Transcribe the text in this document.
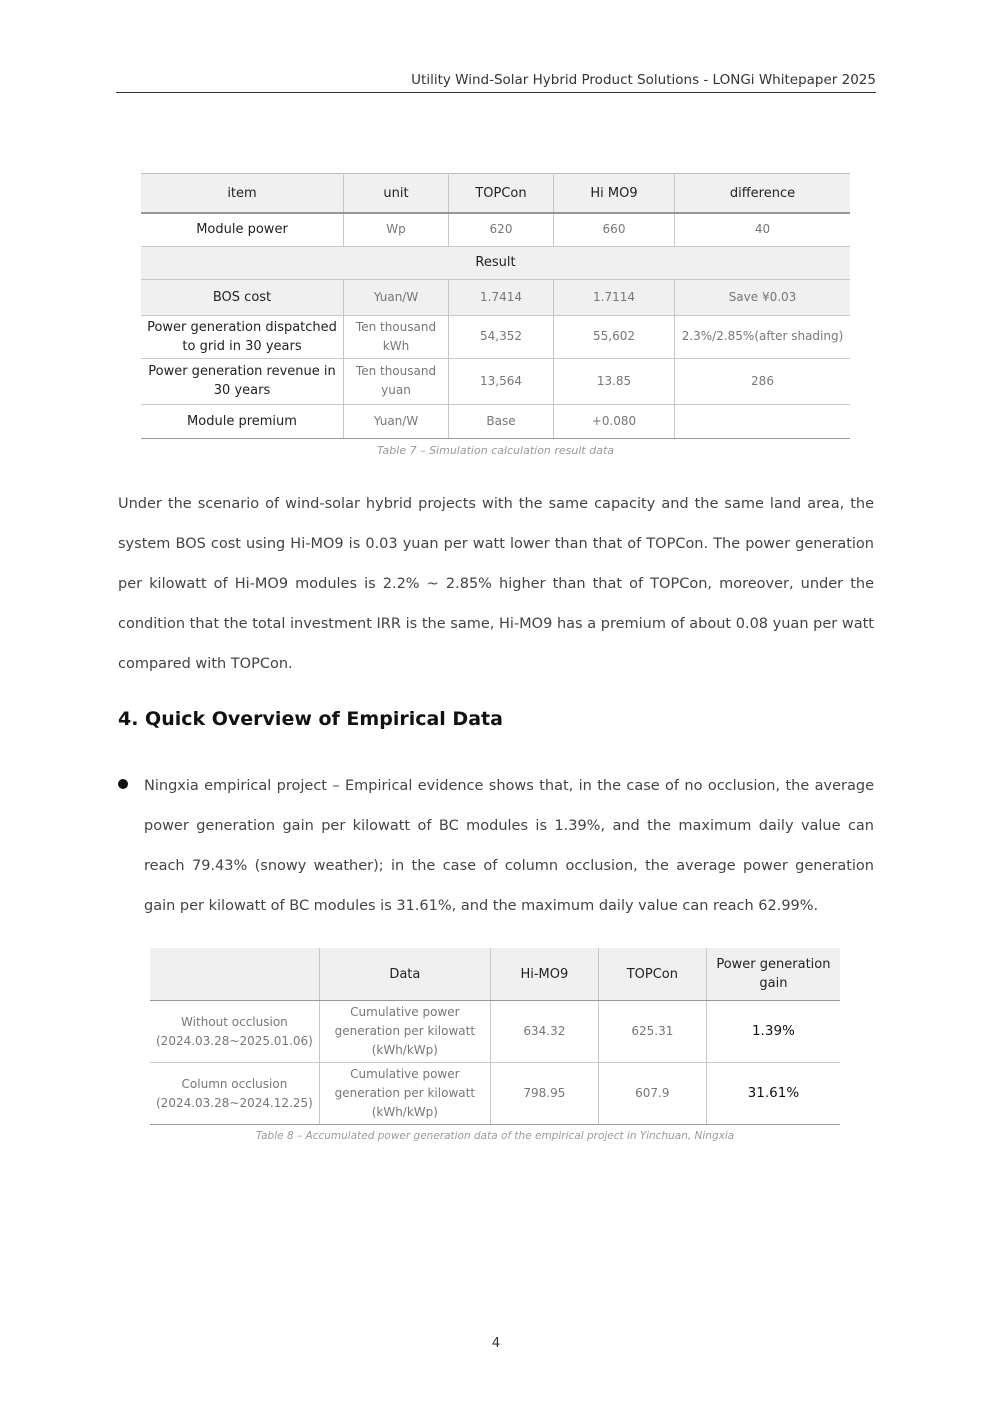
Utility Wind-Solar Hybrid Product Solutions - LONGi Whitepaper 2025
item	unit	TOPCon	Hi MO9	difference
Module power	Wp	620	660	40
Result				
BOS cost	Yuan/W	1.7414	1.7114	Save ¥0.03
Power generation dispatched to grid in 30 years	Ten thousand kWh	54,352	55,602	2.3%/2.85%(after shading)
Power generation revenue in 30 years	Ten thousand yuan	13,564	13.85	286
Module premium	Yuan/W	Base	+0.080	
Table 7 – Simulation calculation result data
Under the scenario of wind-solar hybrid projects with the same capacity and the same land area, the system BOS cost using Hi-MO9 is 0.03 yuan per watt lower than that of TOPCon. The power generation per kilowatt of Hi-MO9 modules is 2.2% ~ 2.85% higher than that of TOPCon, moreover, under the condition that the total investment IRR is the same, Hi-MO9 has a premium of about 0.08 yuan per watt compared with TOPCon.
4. Quick Overview of Empirical Data
Ningxia empirical project – Empirical evidence shows that, in the case of no occlusion, the average power generation gain per kilowatt of BC modules is 1.39%, and the maximum daily value can reach 79.43% (snowy weather); in the case of column occlusion, the average power generation gain per kilowatt of BC modules is 31.61%, and the maximum daily value can reach 62.99%.
	Data	Hi-MO9	TOPCon	Power generation gain
Without occlusion (2024.03.28~2025.01.06)	Cumulative power generation per kilowatt (kWh/kWp)	634.32	625.31	1.39%
Column occlusion (2024.03.28~2024.12.25)	Cumulative power generation per kilowatt (kWh/kWp)	798.95	607.9	31.61%
Table 8 – Accumulated power generation data of the empirical project in Yinchuan, Ningxia
4
